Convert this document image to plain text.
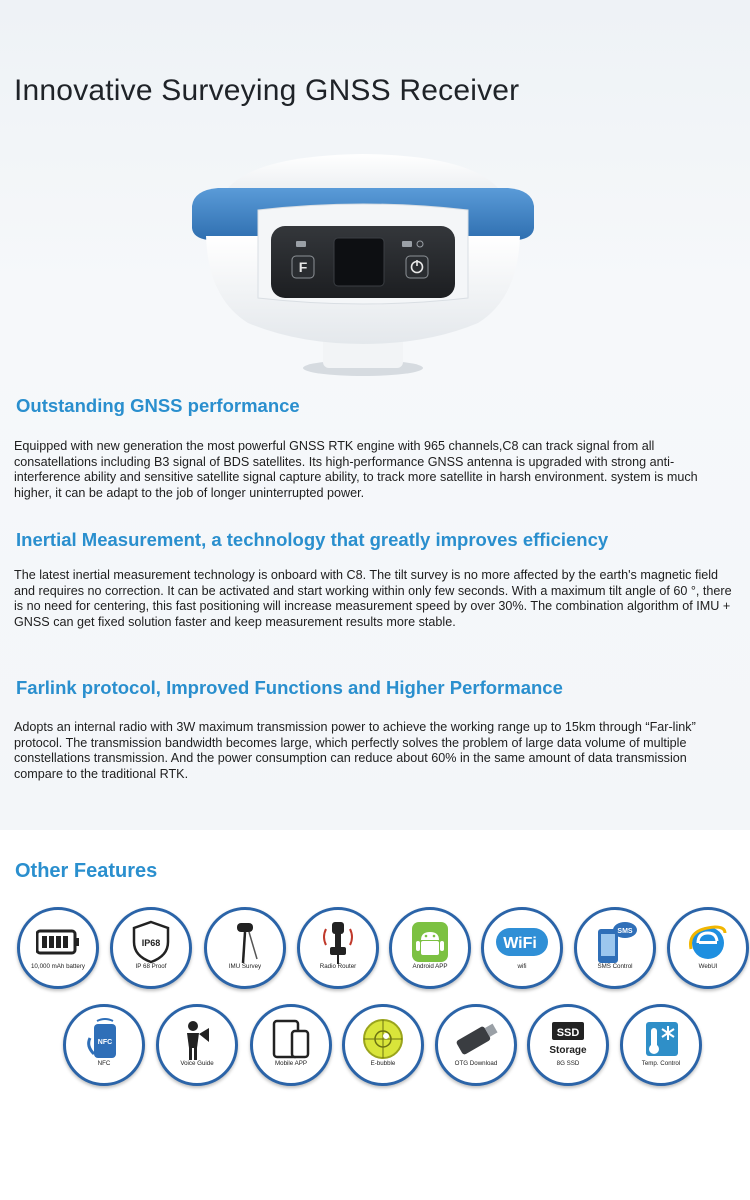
Innovative Surveying GNSS Receiver
F
Outstanding GNSS performance
Equipped with new generation the most powerful GNSS RTK engine with 965 channels,C8 can track signal from all consatellations including B3 signal of BDS satellites. Its high-performance GNSS antenna is upgraded with strong anti-interference ability and sensitive satellite signal capture ability, to track more satellite in harsh environment. system is much higher, it can be adapt to the job of longer uninterrupted power.
Inertial Measurement, a technology that greatly improves efficiency
The latest inertial measurement technology is onboard with C8. The tilt survey is no more affected by the earth's magnetic field and requires no correction. It can be activated and start working within only few seconds. With a maximum tilt angle of 60 °, there is no need for centering, this fast positioning will increase measurement speed by over 30%. The combination algorithm of IMU + GNSS can get fixed solution faster and keep measurement results more stable.
Farlink protocol, Improved Functions and Higher Performance
Adopts an internal radio with 3W maximum transmission power to achieve the working range up to 15km through “Far-link” protocol. The transmission bandwidth becomes large, which perfectly solves the problem of large data volume of multiple constellations transmission. And the power consumption can reduce about 60% in the same amount of data transmission compare to the traditional RTK.
Other Features
10,000 mAh battery
IP68
IP 68 Proof	IMU Survey	Radio Router	Android APP
WiFi
wifi
SMS
SMS Control	WebUI
NFC
NFC	Voice Guide	Mobile APP	E-bubble	OTG Download
SSD
Storage
8G SSD	Temp. Control
